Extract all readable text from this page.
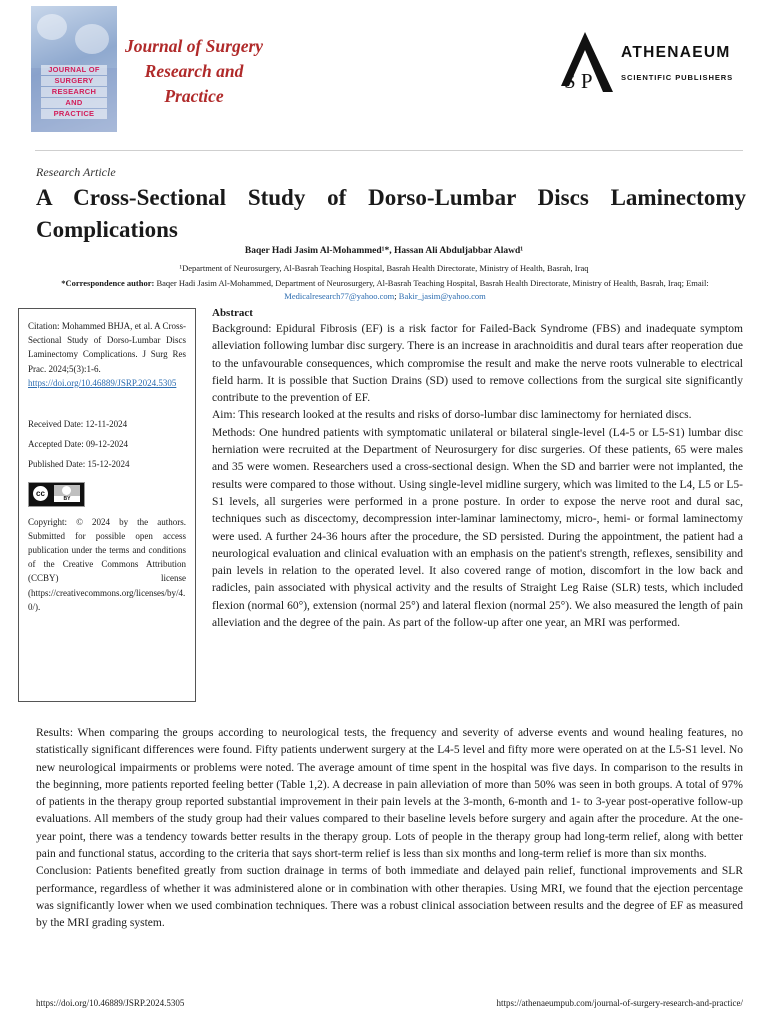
JOURNAL OF
SURGERY
RESEARCH
AND
PRACTICE
Journal of Surgery
Research and
Practice
S P
ATHENAEUM
SCIENTIFIC PUBLISHERS
Research Article
A Cross-Sectional Study of Dorso-Lumbar Discs Laminectomy Complications
Baqer Hadi Jasim Al-Mohammed¹*, Hassan Ali Abduljabbar Alawd¹
¹Department of Neurosurgery, Al-Basrah Teaching Hospital, Basrah Health Directorate, Ministry of Health, Basrah, Iraq
*Correspondence author: Baqer Hadi Jasim Al-Mohammed, Department of Neurosurgery, Al-Basrah Teaching Hospital, Basrah Health Directorate, Ministry of Health, Basrah, Iraq; Email: Medicalresearch77@yahoo.com; Bakir_jasim@yahoo.com

Citation: Mohammed BHJA, et al. A Cross-Sectional Study of Dorso-Lumbar Discs Laminectomy Complications. J Surg Res Prac. 2024;5(3):1-6.

https://doi.org/10.46889/JSRP.2024.5305

Received Date: 12-11-2024
Accepted Date: 09-12-2024
Published Date: 15-12-2024
cc
BY

Copyright: © 2024 by the authors. Submitted for possible open access publication under the terms and conditions of the Creative Commons Attribution (CCBY) license (https://creativecommons.org/licenses/by/4.0/).

Abstract

Background: Epidural Fibrosis (EF) is a risk factor for Failed-Back Syndrome (FBS) and inadequate symptom alleviation following lumbar disc surgery. There is an increase in arachnoiditis and dural tears after reoperation due to the unfavourable consequences, which compromise the result and make the nerve roots vulnerable to electrical field harm. It is possible that Suction Drains (SD) used to remove collections from the surgical site significantly contribute to the prevention of EF.

Aim: This research looked at the results and risks of dorso-lumbar disc laminectomy for herniated discs.

Methods: One hundred patients with symptomatic unilateral or bilateral single-level (L4-5 or L5-S1) lumbar disc herniation were recruited at the Department of Neurosurgery for disc surgeries. Of these patients, 65 were males and 35 were women. Researchers used a cross-sectional design. When the SD and barrier were not implanted, the results were compared to those without. Using single-level midline surgery, which was limited to the L4, L5 or L5-S1 levels, all surgeries were performed in a prone posture. In order to expose the nerve root and dural sac, techniques such as discectomy, decompression inter-laminar laminectomy, micro-, hemi- or formal laminectomy were used. A further 24-36 hours after the procedure, the SD persisted. During the appointment, the patient had a neurological evaluation and clinical evaluation with an emphasis on the patient's strength, reflexes, sensibility and pain levels in relation to the operated level. It also covered range of motion, discomfort in the low back and radicles, pain associated with physical activity and the results of Straight Leg Raise (SLR) tests, which included flexion (normal 60°), extension (normal 25°) and lateral flexion (normal 25°). We also measured the length of pain alleviation and the degree of the pain. As part of the follow-up after one year, an MRI was performed.

Results: When comparing the groups according to neurological tests, the frequency and severity of adverse events and wound healing features, no statistically significant differences were found. Fifty patients underwent surgery at the L4-5 level and fifty more were operated on at the L5-S1 level. No new neurological impairments or problems were noted. The average amount of time spent in the hospital was five days. In comparison to the results in the beginning, more patients reported feeling better (Table 1,2). A decrease in pain alleviation of more than 50% was seen in both groups. A total of 97% of patients in the therapy group reported substantial improvement in their pain levels at the 3-month, 6-month and 1- to 3-year post-operative follow-up evaluations. All members of the study group had their values compared to their baseline levels before surgery and again after the procedure. At the one-year point, there was a tendency towards better results in the therapy group. Lots of people in the therapy group had long-term relief, along with better pain and functional status, according to the criteria that says short-term relief is less than six months and long-term relief is more than six months.

Conclusion: Patients benefited greatly from suction drainage in terms of both immediate and delayed pain relief, functional improvements and SLR performance, regardless of whether it was administered alone or in combination with other therapies. Using MRI, we found that the ejection percentage was significantly lower when we used combination techniques. There was a robust clinical association between results and the degree of EF as measured by the MRI grading system.

https://doi.org/10.46889/JSRP.2024.5305	https://athenaeumpub.com/journal-of-surgery-research-and-practice/
